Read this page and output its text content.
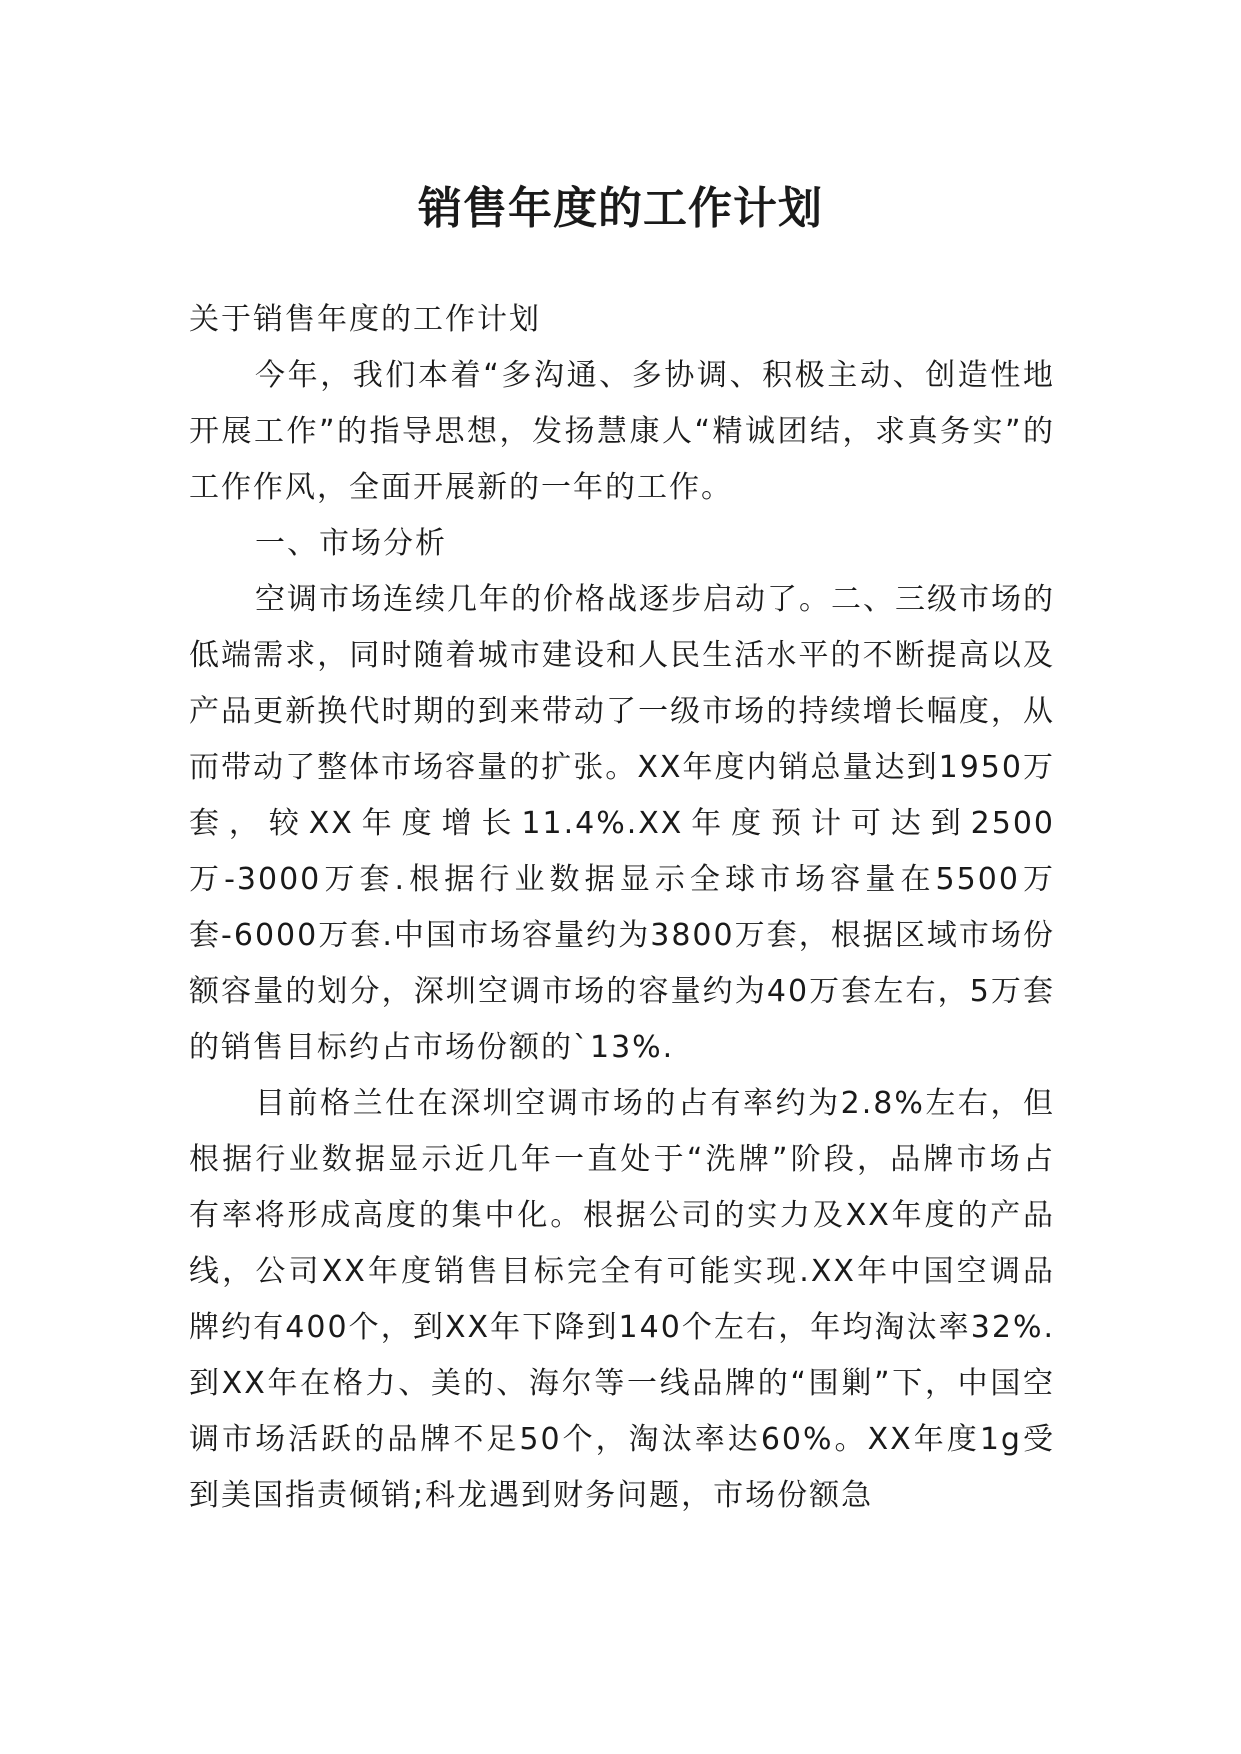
销售年度的工作计划

关于销售年度的工作计划

今年，我们本着“多沟通、多协调、积极主动、创造性地开展工作”的指导思想，发扬慧康人“精诚团结，求真务实”的工作作风，全面开展新的一年的工作。

一、市场分析

空调市场连续几年的价格战逐步启动了。二、三级市场的低端需求，同时随着城市建设和人民生活水平的不断提高以及产品更新换代时期的到来带动了一级市场的持续增长幅度，从而带动了整体市场容量的扩张。XX年度内销总量达到1950万套，较XX年度增长11.4%.XX年度预计可达到2500万-3000万套.根据行业数据显示全球市场容量在5500万套-6000万套.中国市场容量约为3800万套，根据区域市场份额容量的划分，深圳空调市场的容量约为40万套左右，5万套的销售目标约占市场份额的`13%.

目前格兰仕在深圳空调市场的占有率约为2.8%左右，但根据行业数据显示近几年一直处于“洗牌”阶段，品牌市场占有率将形成高度的集中化。根据公司的实力及XX年度的产品线，公司XX年度销售目标完全有可能实现.XX年中国空调品牌约有400个，到XX年下降到140个左右，年均淘汰率32%.到XX年在格力、美的、海尔等一线品牌的“围剿”下，中国空调市场活跃的品牌不足50个，淘汰率达60%。XX年度1g受到美国指责倾销;科龙遇到财务问题，市场份额急
